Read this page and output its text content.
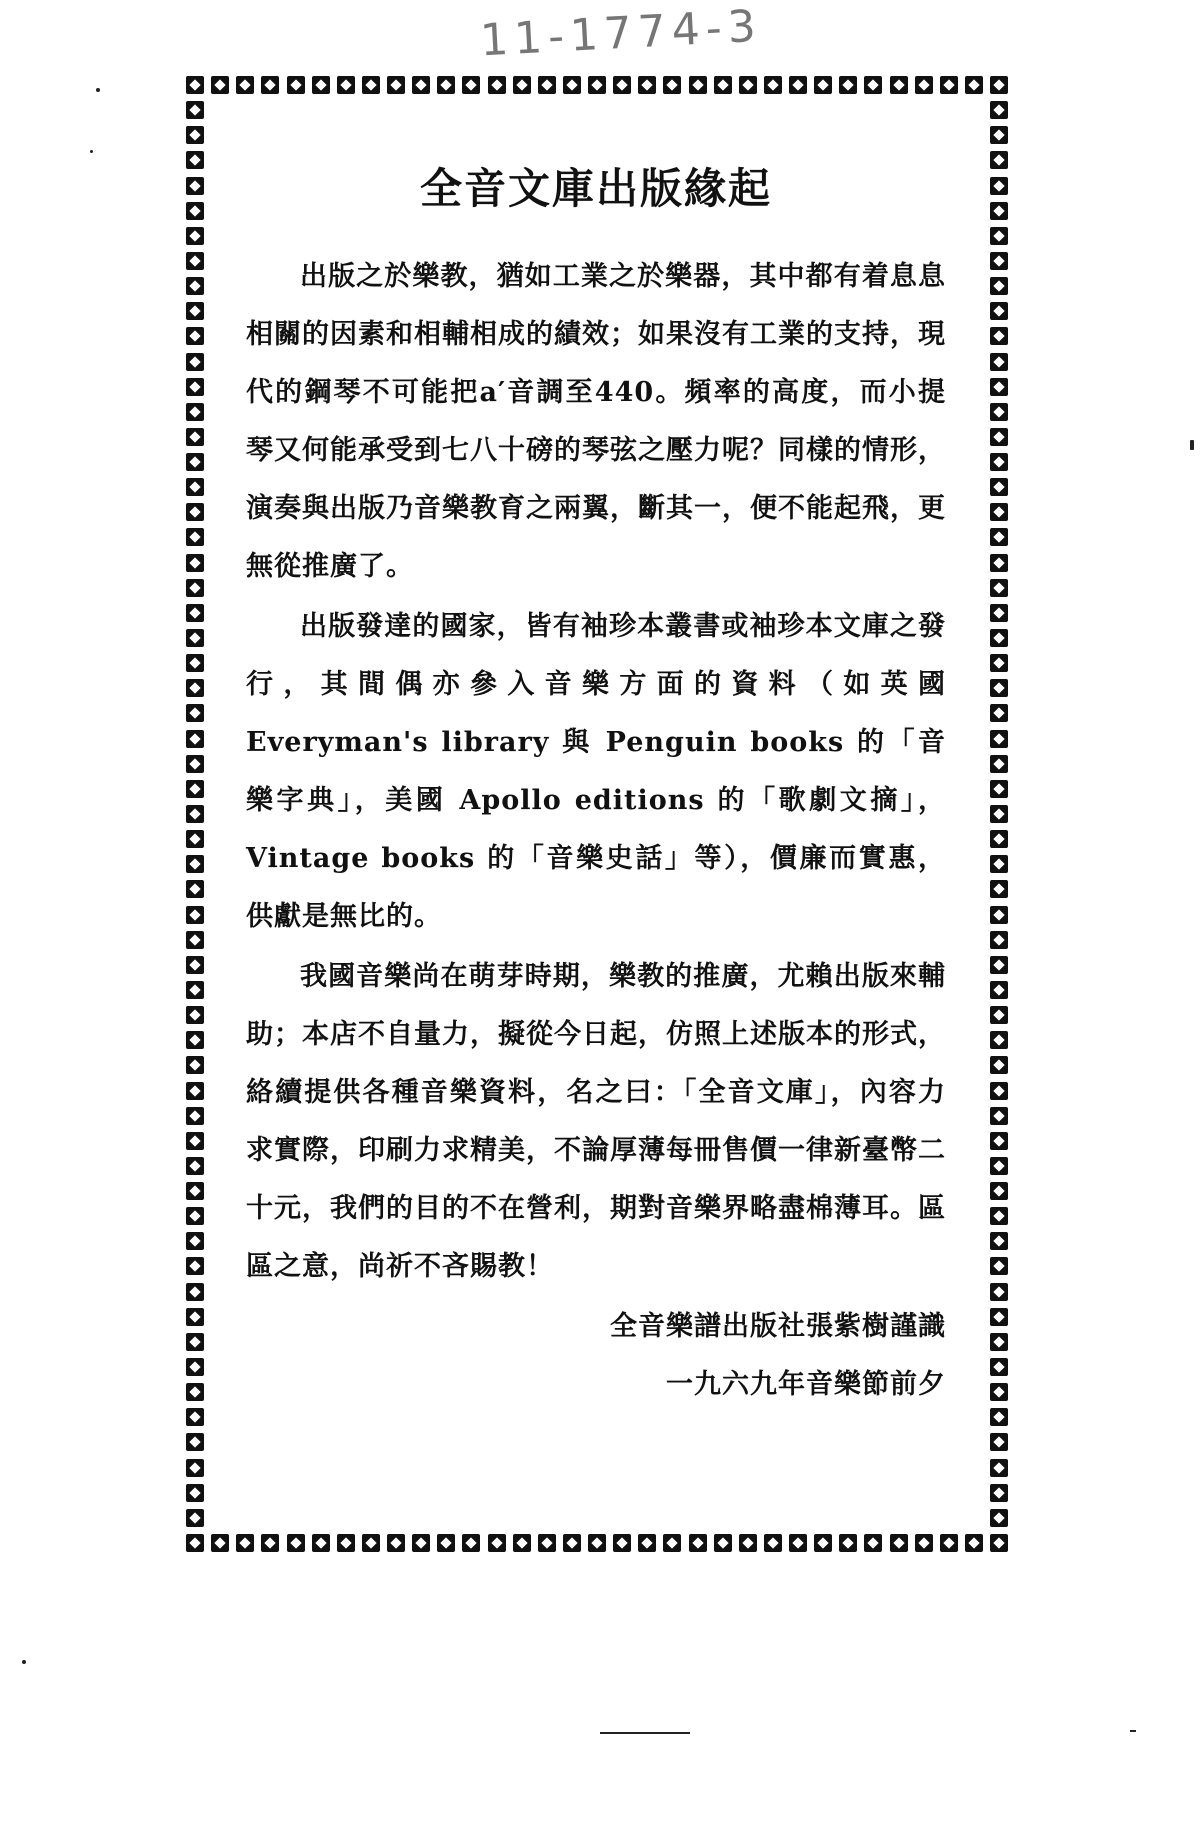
11-1774-3
全音文庫出版緣起

出版之於樂教，猶如工業之於樂器，其中都有着息息相關的因素和相輔相成的績效；如果沒有工業的支持，現代的鋼琴不可能把a′音調至440。頻率的高度，而小提琴又何能承受到七八十磅的琴弦之壓力呢？同樣的情形，演奏與出版乃音樂教育之兩翼，斷其一，便不能起飛，更無從推廣了。

出版發達的國家，皆有袖珍本叢書或袖珍本文庫之發行，其間偶亦參入音樂方面的資料（如英國 Everyman's library 與 Penguin books 的「音樂字典」，美國 Apollo editions 的「歌劇文摘」，Vintage books 的「音樂史話」等），價廉而實惠，供獻是無比的。

我國音樂尚在萌芽時期，樂教的推廣，尤賴出版來輔助；本店不自量力，擬從今日起，仿照上述版本的形式，絡續提供各種音樂資料，名之曰：「全音文庫」，內容力求實際，印刷力求精美，不論厚薄每冊售價一律新臺幣二十元，我們的目的不在營利，期對音樂界略盡棉薄耳。區區之意，尚祈不吝賜教！

全音樂譜出版社張紫樹謹識
一九六九年音樂節前夕
